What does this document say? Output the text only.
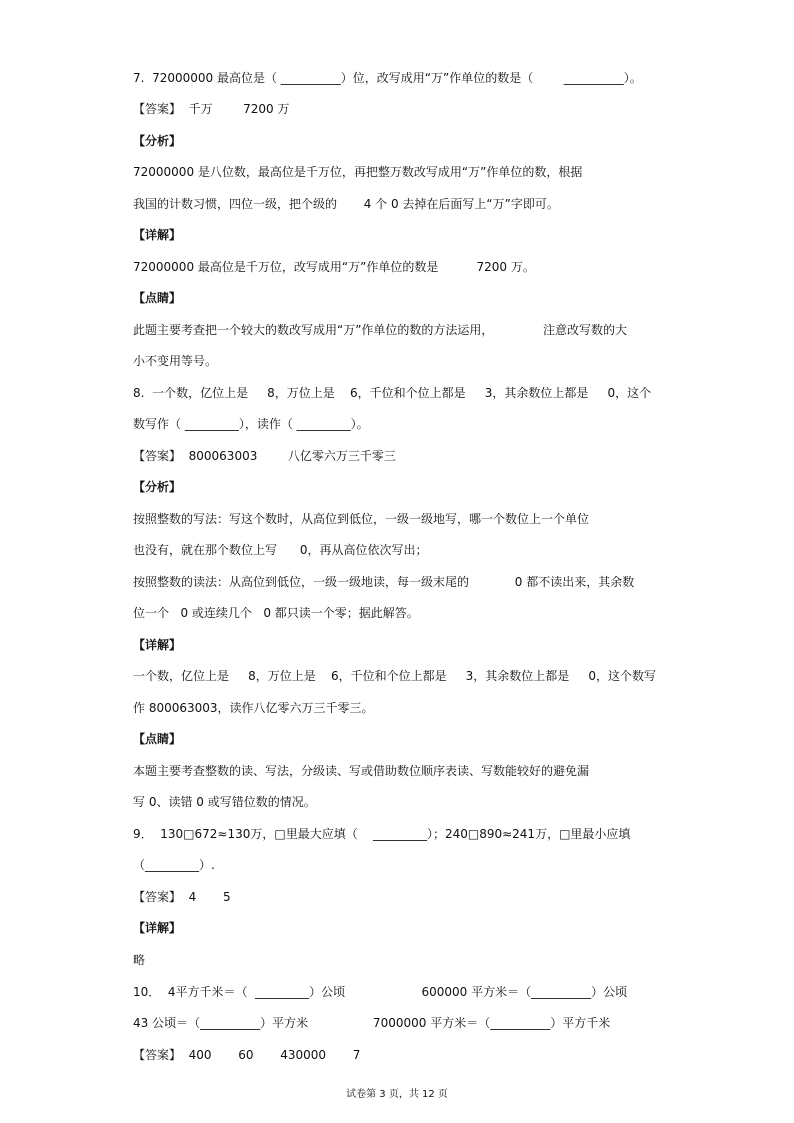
7.  72000000 最高位是（ __________）位，改写成用“万”作单位的数是（        __________）。
【答案】  千万        7200 万
【分析】
72000000 是八位数，最高位是千万位，再把整万数改写成用“万”作单位的数，根据
我国的计数习惯，四位一级，把个级的       4 个 0 去掉在后面写上“万”字即可。
【详解】
72000000 最高位是千万位，改写成用“万”作单位的数是          7200 万。
【点睛】
此题主要考查把一个较大的数改写成用“万”作单位的数的方法运用，             注意改写数的大
小不变用等号。
8.  一个数，亿位上是     8，万位上是    6，千位和个位上都是     3，其余数位上都是     0，这个
数写作（ _________），读作（ _________）。
【答案】  800063003        八亿零六万三千零三
【分析】
按照整数的写法：写这个数时，从高位到低位，一级一级地写，哪一个数位上一个单位
也没有，就在那个数位上写      0，再从高位依次写出；
按照整数的读法：从高位到低位，一级一级地读，每一级末尾的            0 都不读出来，其余数
位一个   0 或连续几个   0 都只读一个零；据此解答。
【详解】
一个数，亿位上是     8，万位上是    6，千位和个位上都是     3，其余数位上都是     0，这个数写
作 800063003，读作八亿零六万三千零三。
【点睛】
本题主要考查整数的读、写法，分级读、写或借助数位顺序表读、写数能较好的避免漏
写 0、读错 0 或写错位数的情况。
9．  130□672≈130万，□里最大应填（    _________）；240□890≈241万，□里最小应填
（_________）.
【答案】  4       5
【详解】
略
10．  4平方千米＝（  _________）公顷                    600000 平方米＝（__________）公顷
43 公顷＝（__________）平方米                 7000000 平方米＝（__________）平方千米
【答案】  400       60       430000       7
试卷第 3 页，共 12 页
